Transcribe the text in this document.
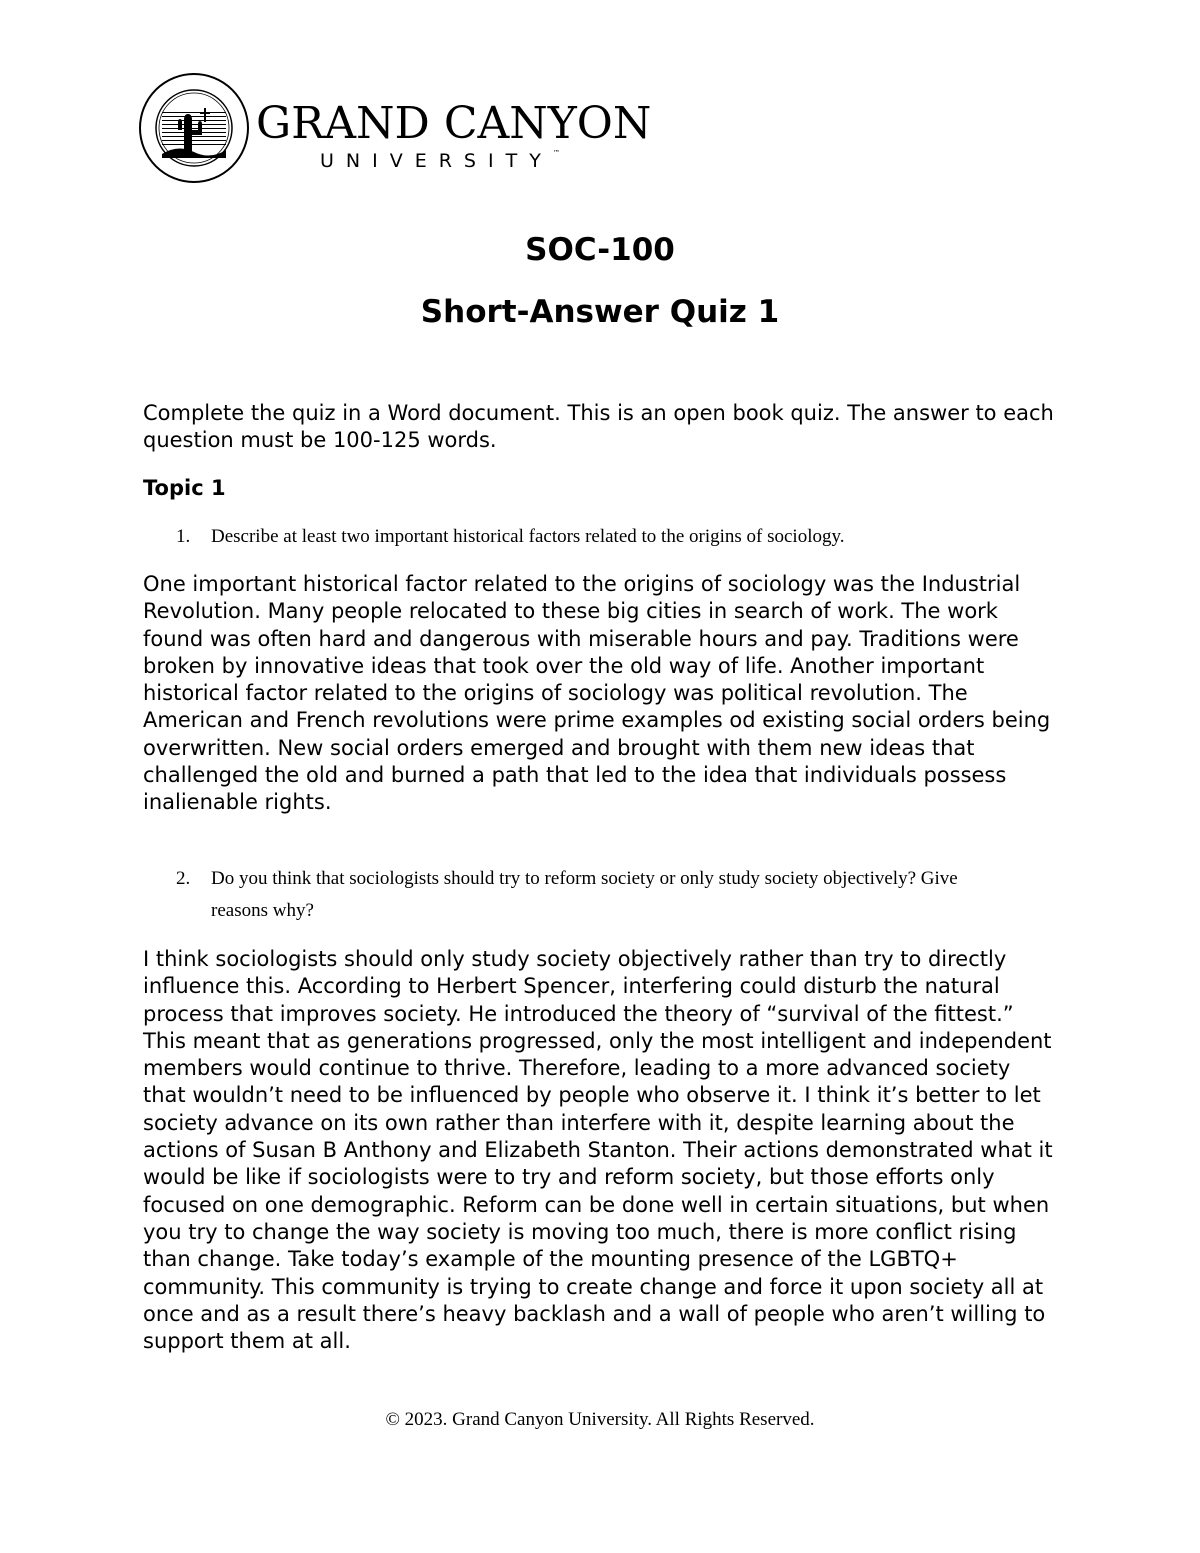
GRAND CANYON
UNIVERSITY™
SOC-100
Short-Answer Quiz 1
Complete the quiz in a Word document. This is an open book quiz. The answer to each question must be 100-125 words.
Topic 1
1. Describe at least two important historical factors related to the origins of sociology.
One important historical factor related to the origins of sociology was the Industrial Revolution. Many people relocated to these big cities in search of work. The work found was often hard and dangerous with miserable hours and pay. Traditions were broken by innovative ideas that took over the old way of life. Another important historical factor related to the origins of sociology was political revolution. The American and French revolutions were prime examples od existing social orders being overwritten. New social orders emerged and brought with them new ideas that challenged the old and burned a path that led to the idea that individuals possess inalienable rights.
2. Do you think that sociologists should try to reform society or only study society objectively? Give reasons why?
I think sociologists should only study society objectively rather than try to directly influence this. According to Herbert Spencer, interfering could disturb the natural process that improves society. He introduced the theory of “survival of the fittest.” This meant that as generations progressed, only the most intelligent and independent members would continue to thrive. Therefore, leading to a more advanced society that wouldn’t need to be influenced by people who observe it. I think it’s better to let society advance on its own rather than interfere with it, despite learning about the actions of Susan B Anthony and Elizabeth Stanton. Their actions demonstrated what it would be like if sociologists were to try and reform society, but those efforts only focused on one demographic. Reform can be done well in certain situations, but when you try to change the way society is moving too much, there is more conflict rising than change. Take today’s example of the mounting presence of the LGBTQ+ community. This community is trying to create change and force it upon society all at once and as a result there’s heavy backlash and a wall of people who aren’t willing to support them at all.
© 2023. Grand Canyon University. All Rights Reserved.
